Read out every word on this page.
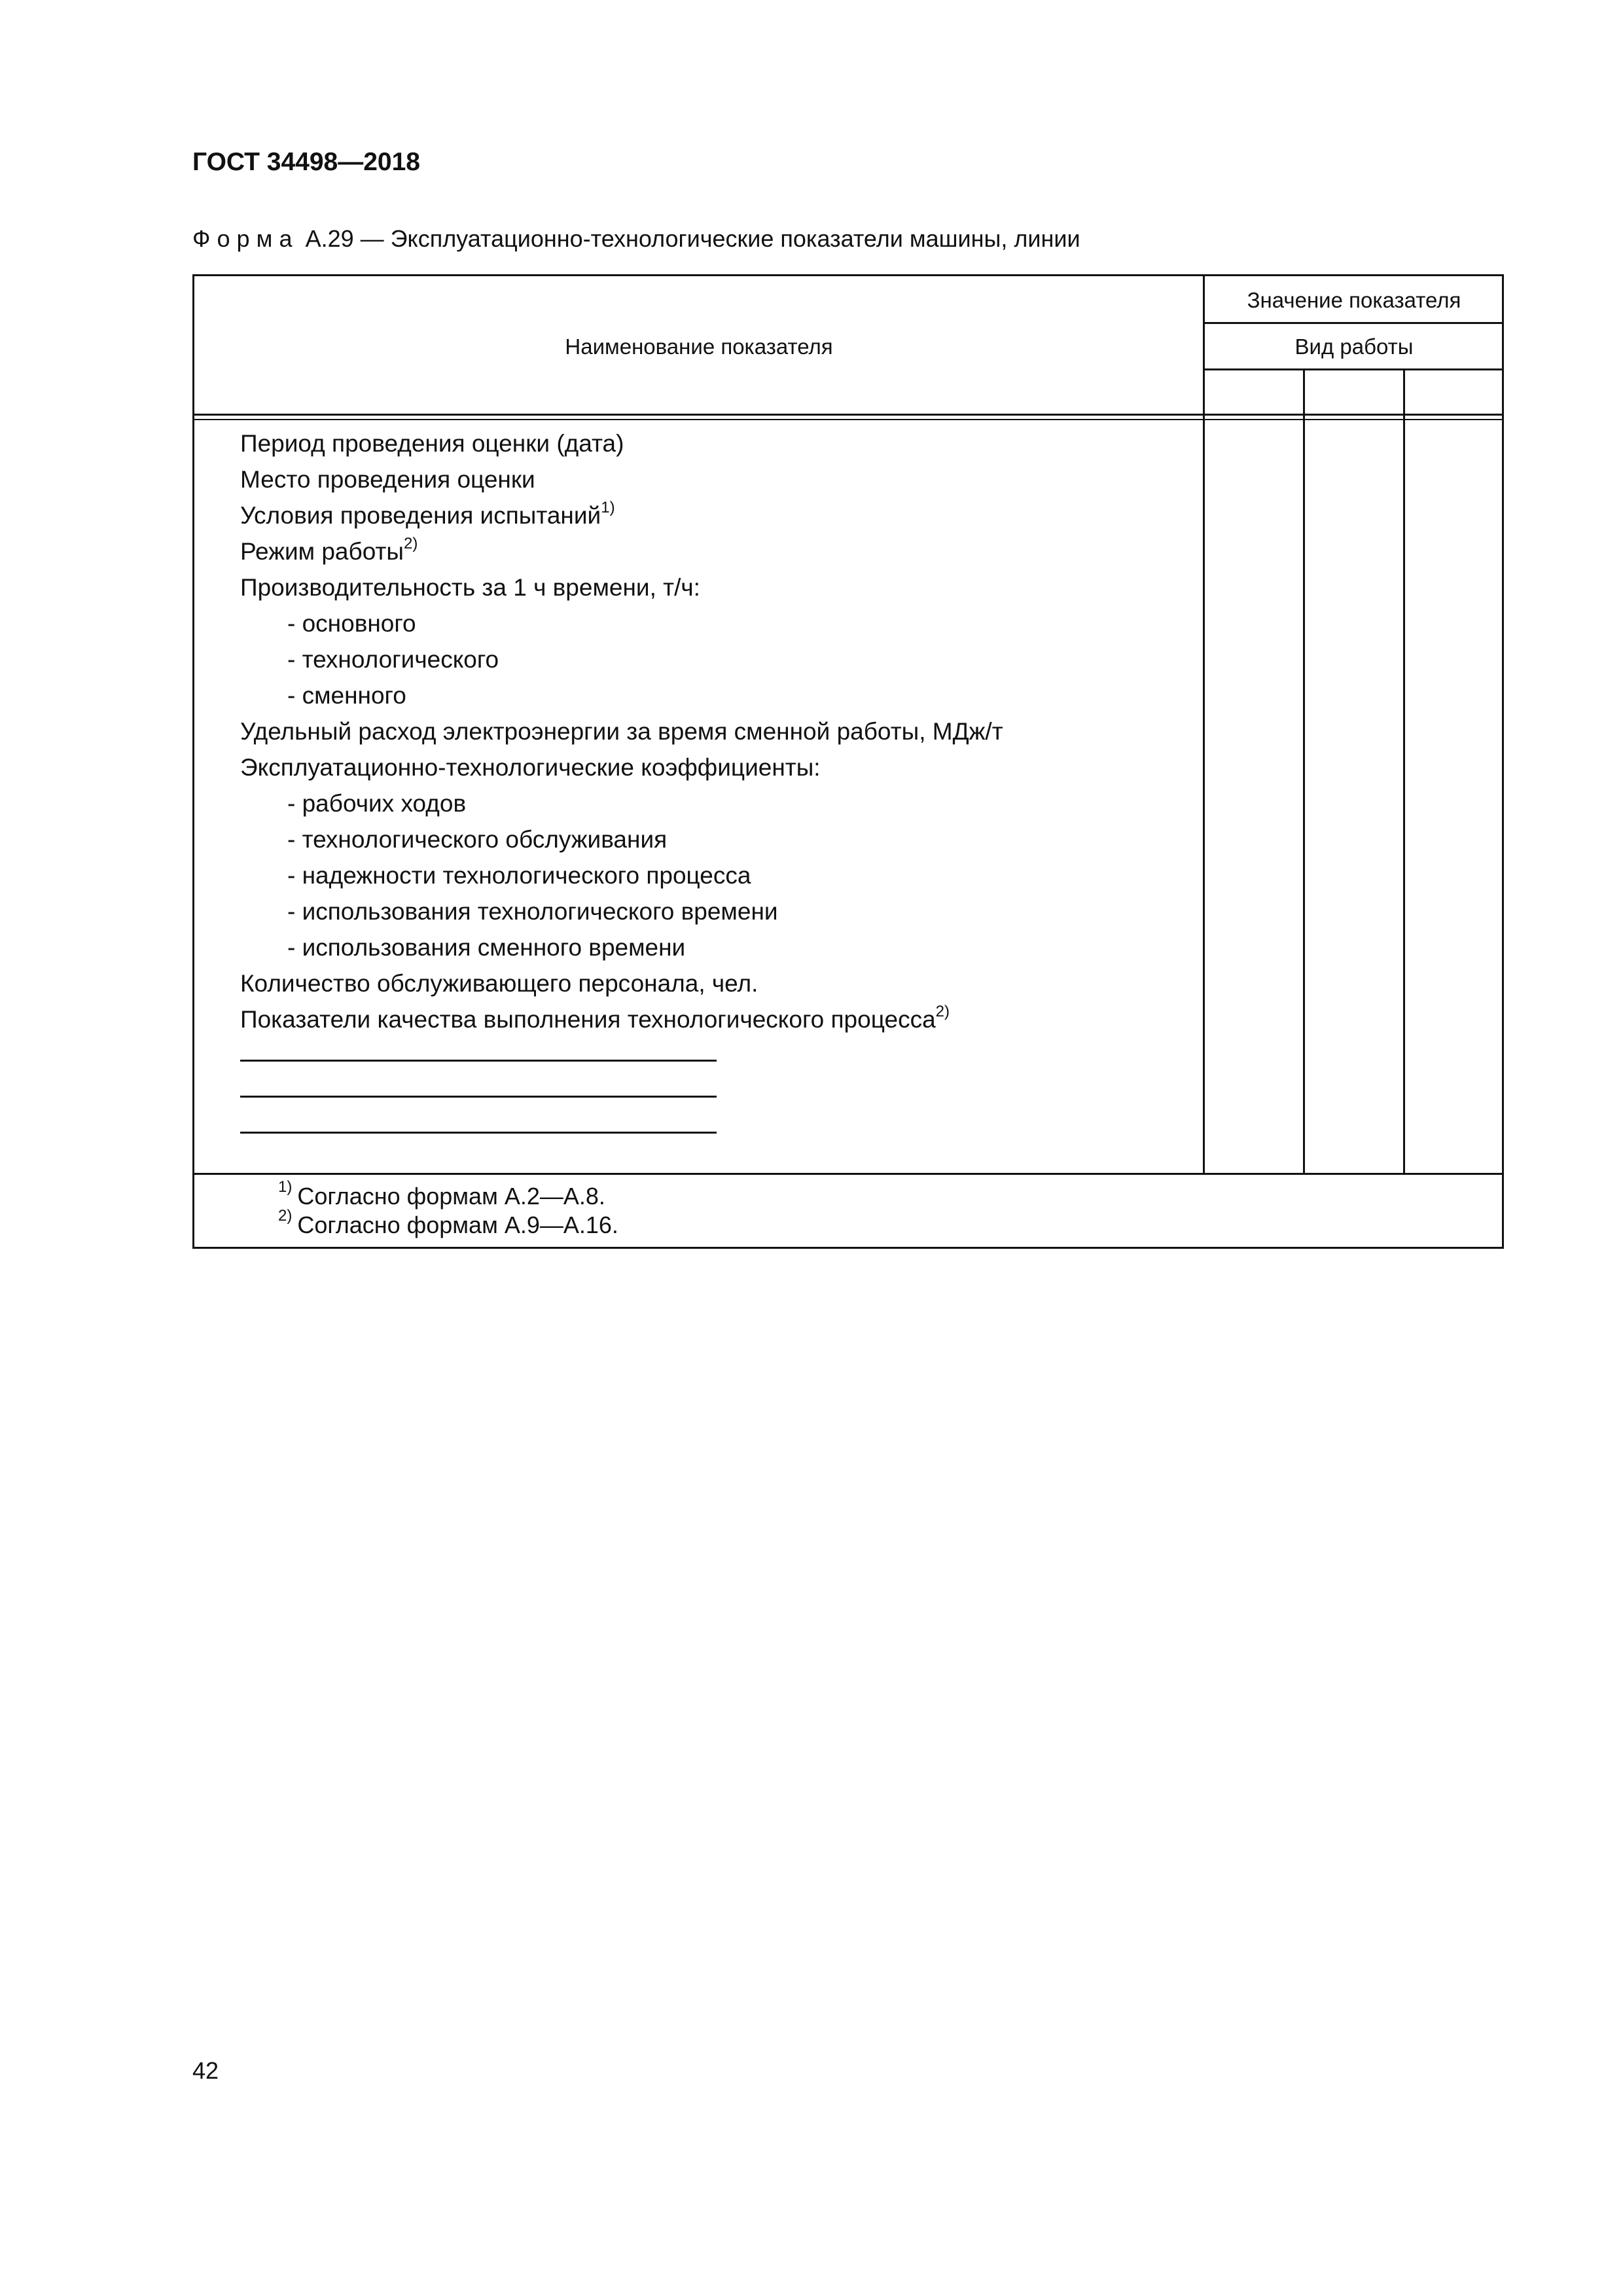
ГОСТ 34498—2018
Форма А.29 — Эксплуатационно-технологические показатели машины, линии
Наименование показателя
Значение показателя
Вид работы
Период проведения оценки (дата)
Место проведения оценки
Условия проведения испытаний$^{1)}$
Режим работы$^{2)}$
Производительность за 1 ч времени, т/ч:
- основного
- технологического
- сменного
Удельный расход электроэнергии за время сменной работы, МДж/т
Эксплуатационно-технологические коэффициенты:
- рабочих ходов
- технологического обслуживания
- надежности технологического процесса
- использования технологического времени
- использования сменного времени
Количество обслуживающего персонала, чел.
Показатели качества выполнения технологического процесса$^{2)}$
$^{1)}$ Согласно формам А.2—А.8.
$^{2)}$ Согласно формам А.9—А.16.
42
